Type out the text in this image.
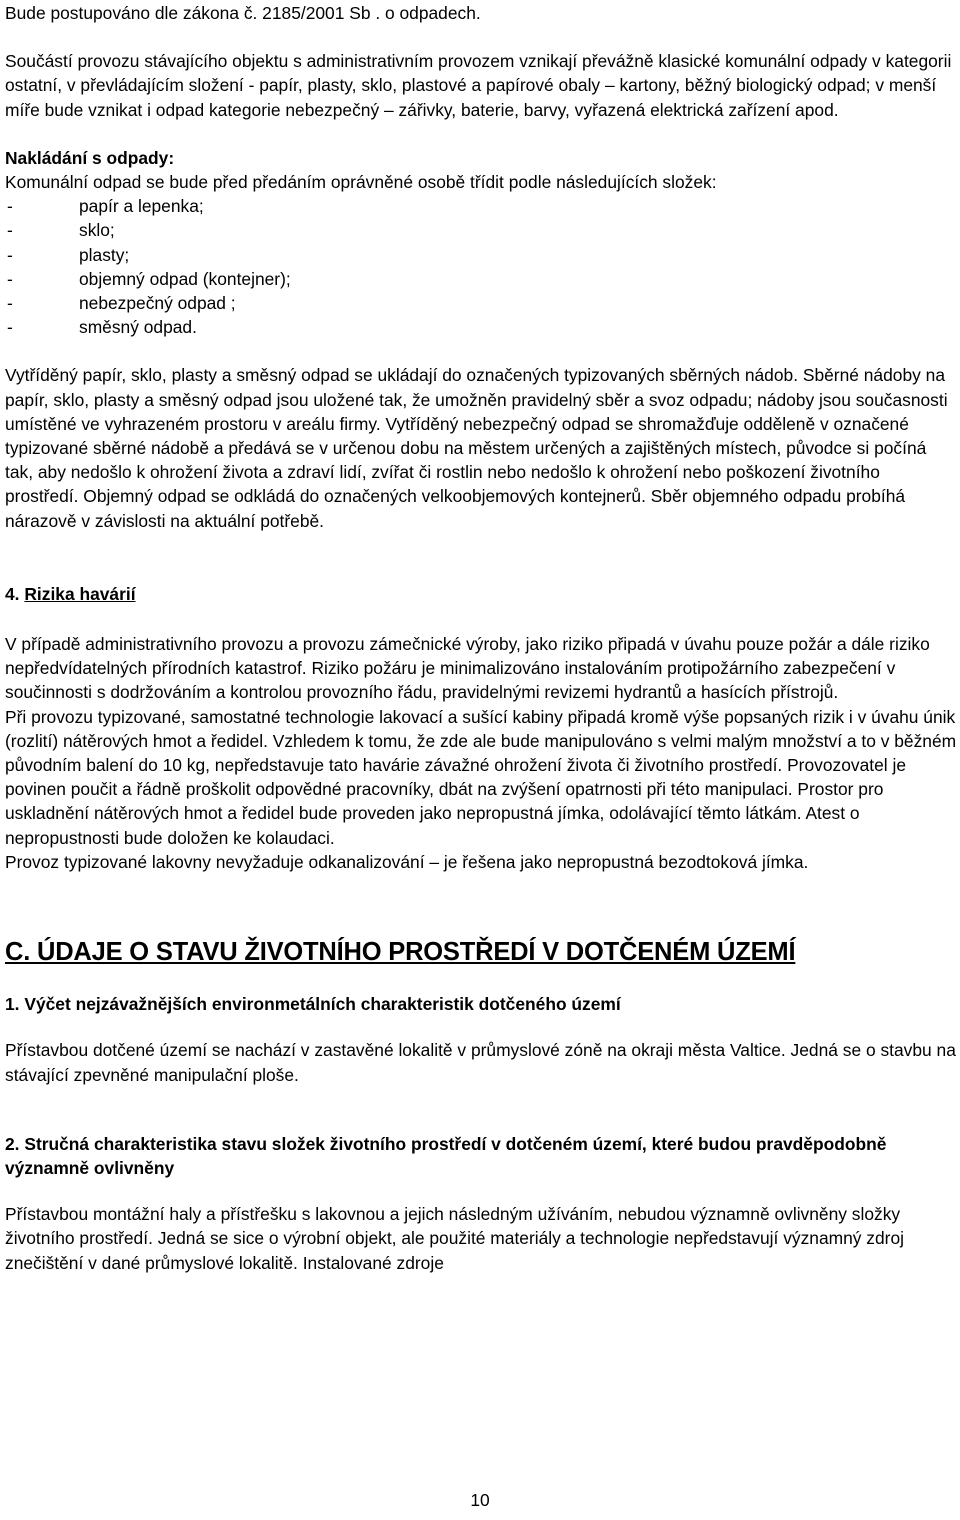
Bude postupováno dle zákona č. 2185/2001 Sb . o odpadech.

Součástí provozu stávajícího objektu s administrativním provozem vznikají převážně klasické komunální odpady v kategorii ostatní, v převládajícím složení - papír, plasty, sklo, plastové a papírové obaly – kartony, běžný biologický odpad; v menší míře bude vznikat i odpad kategorie nebezpečný – zářivky, baterie, barvy, vyřazená elektrická zařízení apod.

Nakládání s odpady:

Komunální odpad se bude před předáním oprávněné osobě třídit podle následujících složek:

- papír a lepenka;
- sklo;
- plasty;
- objemný odpad (kontejner);
- nebezpečný odpad ;
- směsný odpad.

Vytříděný papír, sklo, plasty a směsný odpad se ukládají do označených typizovaných sběrných nádob. Sběrné nádoby na papír, sklo, plasty a směsný odpad jsou uložené tak, že umožněn pravidelný sběr a svoz odpadu; nádoby jsou současnosti umístěné ve vyhrazeném prostoru v areálu firmy. Vytříděný nebezpečný odpad se shromažďuje odděleně v označené typizované sběrné nádobě a předává se v určenou dobu na městem určených a zajištěných místech, původce si počíná tak, aby nedošlo k ohrožení života a zdraví lidí, zvířat či rostlin nebo nedošlo k ohrožení nebo poškození životního prostředí. Objemný odpad se odkládá do označených velkoobjemových kontejnerů. Sběr objemného odpadu probíhá nárazově v závislosti na aktuální potřebě.

4. Rizika havárií

V případě administrativního provozu a provozu zámečnické výroby, jako riziko připadá v úvahu pouze požár a dále riziko nepředvídatelných přírodních katastrof. Riziko požáru je minimalizováno instalováním protipožárního zabezpečení v součinnosti s dodržováním a kontrolou provozního řádu, pravidelnými revizemi hydrantů a hasících přístrojů.

Při provozu typizované, samostatné technologie lakovací a sušící kabiny připadá kromě výše popsaných rizik i v úvahu únik (rozlití) nátěrových hmot a ředidel. Vzhledem k tomu, že zde ale bude manipulováno s velmi malým množství a to v běžném původním balení do 10 kg, nepředstavuje tato havárie závažné ohrožení života či životního prostředí. Provozovatel je povinen poučit a řádně proškolit odpovědné pracovníky, dbát na zvýšení opatrnosti při této manipulaci. Prostor pro uskladnění nátěrových hmot a ředidel bude proveden jako nepropustná jímka, odolávající těmto látkám. Atest o nepropustnosti bude doložen ke kolaudaci.

Provoz typizované lakovny nevyžaduje odkanalizování – je řešena jako nepropustná bezodtoková jímka.

C. ÚDAJE O STAVU ŽIVOTNÍHO PROSTŘEDÍ V DOTČENÉM ÚZEMÍ

1. Výčet nejzávažnějších environmetálních charakteristik dotčeného území

Přístavbou dotčené území se nachází v zastavěné lokalitě v průmyslové zóně na okraji města Valtice. Jedná se o stavbu na stávající zpevněné manipulační ploše.

2. Stručná charakteristika stavu složek životního prostředí v dotčeném území, které budou pravděpodobně významně ovlivněny

Přístavbou montážní haly a přístřešku s lakovnou a jejich následným užíváním, nebudou významně ovlivněny složky životního prostředí. Jedná se sice o výrobní objekt, ale použité materiály a technologie nepředstavují významný zdroj znečištění v dané průmyslové lokalitě. Instalované zdroje

10
